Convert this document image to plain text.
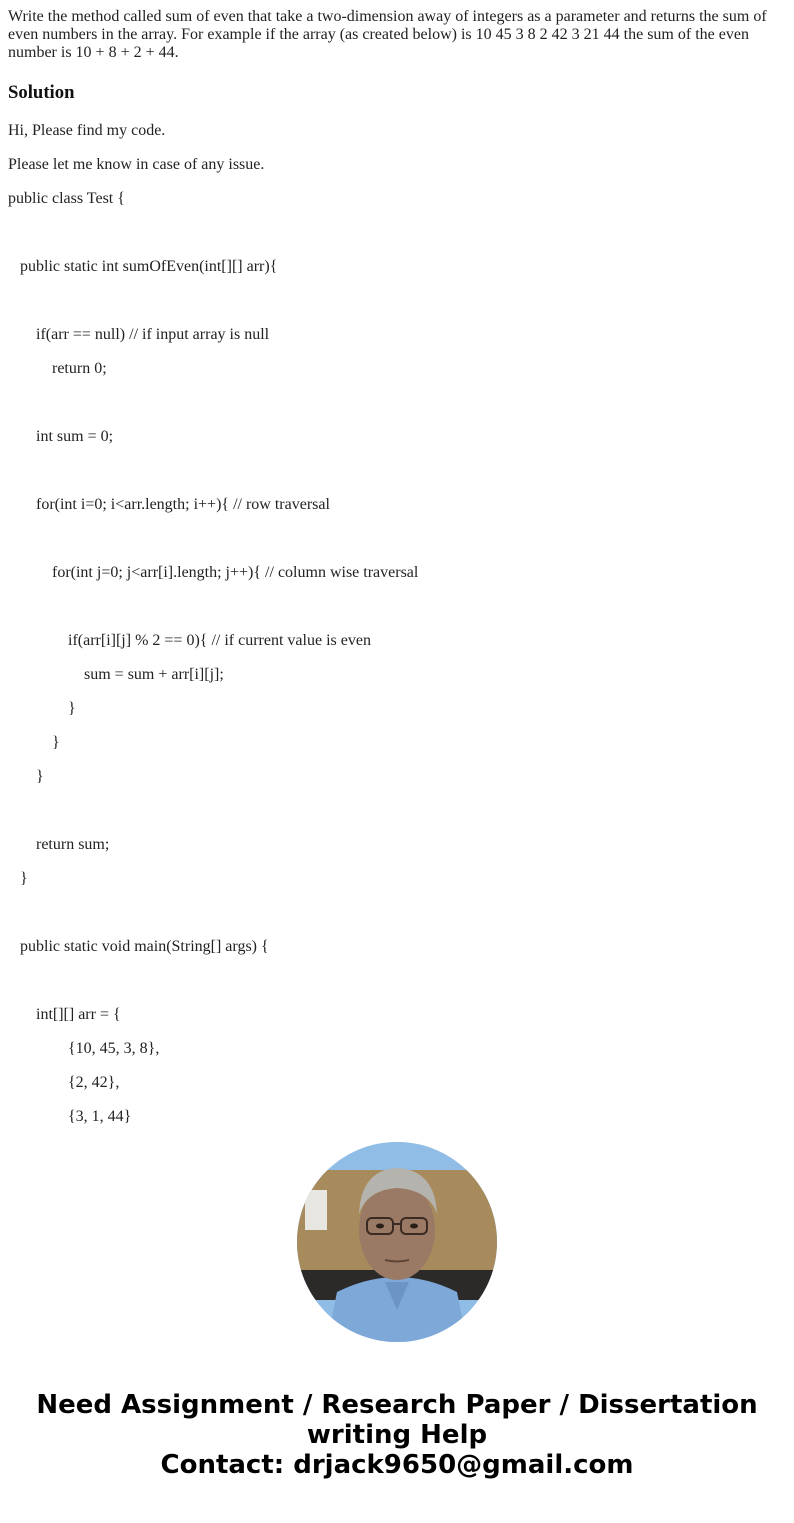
Write the method called sum of even that take a two-dimension away of integers as a parameter and returns the sum of even numbers in the array. For example if the array (as created below) is 10 45 3 8 2 42 3 21 44 the sum of the even number is 10 + 8 + 2 + 44.

Solution

Hi, Please find my code.

Please let me know in case of any issue.

public class Test {

public static int sumOfEven(int[][] arr){

if(arr == null) // if input array is null

return 0;

int sum = 0;

for(int i=0; i<arr.length; i++){ // row traversal

for(int j=0; j<arr[i].length; j++){ // column wise traversal

if(arr[i][j] % 2 == 0){ // if current value is even

sum = sum + arr[i][j];

}

}

}

return sum;

}

public static void main(String[] args) {

int[][] arr = {

{10, 45, 3, 8},

{2, 42},

{3, 1, 44}

Need Assignment / Research Paper / Dissertation
writing Help
Contact: drjack9650@gmail.com
